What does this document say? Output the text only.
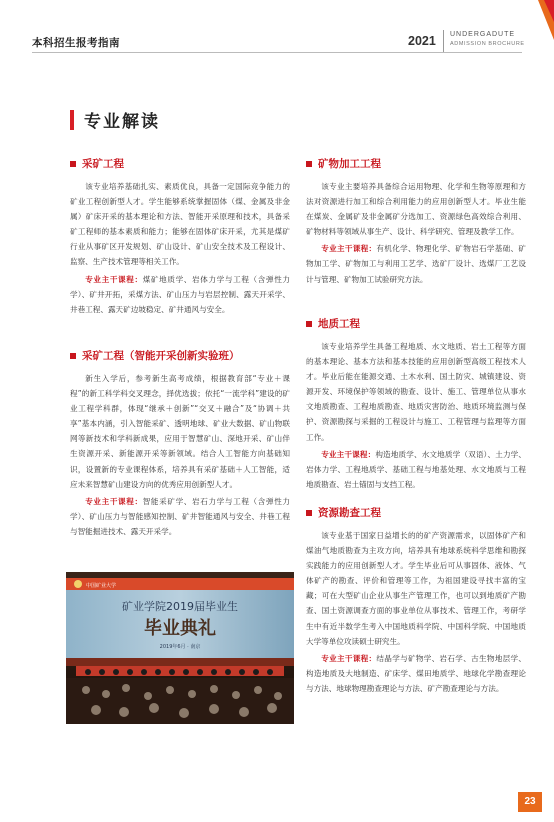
本科招生报考指南	2021 UNDERGADUTE
ADMISSION BROCHURE
专业解读
采矿工程

该专业培养基础扎实、素质优良，具备一定国际竞争能力的矿业工程创新型人才。学生能够系统掌握固体（煤、金属及非金属）矿床开采的基本理论和方法、智能开采原理和技术，具备采矿工程师的基本素质和能力；能够在固体矿床开采，尤其是煤矿行业从事矿区开发规划、矿山设计、矿山安全技术及工程设计、监察、生产技术管理等相关工作。

专业主干课程：煤矿地质学、岩体力学与工程（含弹性力学）、矿井开拓，采煤方法、矿山压力与岩层控制、露天开采学、井巷工程、露天矿边坡稳定、矿井通风与安全。

采矿工程（智能开采创新实验班）

新生入学后，参考新生高考成绩，根据教育部“专业＋课程”的新工科学科交叉理念，择优选拔；依托“一流学科”建设的矿业工程学科群，体现“继承＋创新”“交叉＋融合”及“协调＋共享”基本内涵，引入智能采矿、透明地球、矿业大数据、矿山物联网等新技术和学科新成果，应用于智慧矿山、深地开采、矿山伴生资源开采、新能源开采等新领域。结合人工智能方向基础知识，设置新的专业课程体系，培养具有采矿基础＋人工智能，适应未来智慧矿山建设方向的优秀应用创新型人才。

专业主干课程：智能采矿学、岩石力学与工程（含弹性力学）、矿山压力与智能感知控制、矿井智能通风与安全、井巷工程与智能掘进技术、露天开采学。

中国矿业大学
矿业学院2019届毕业生
毕业典礼
2019年6月 · 南京
矿物加工工程

该专业主要培养具备综合运用物理、化学和生物等原理和方法对资源进行加工和综合利用能力的应用创新型人才。毕业生能在煤炭、金属矿及非金属矿分选加工、资源绿色高效综合利用、矿物材料等领域从事生产、设计、科学研究、管理及教学工作。

专业主干课程：有机化学、物理化学、矿物岩石学基础、矿物加工学、矿物加工与利用工艺学、选矿厂设计、选煤厂工艺设计与管理、矿物加工试验研究方法。

地质工程

该专业培养学生具备工程地质、水文地质、岩土工程等方面的基本理论、基本方法和基本技能的应用创新型高级工程技术人才。毕业后能在能源交通、土木水利、国土防灾、城镇建设、资源开发、环境保护等领域的勘查、设计、施工、管理单位从事水文地质勘查、工程地质勘查、地质灾害防治、地质环境监测与保护、资源勘探与采掘的工程设计与施工、工程管理与监理等方面工作。

专业主干课程：构造地质学、水文地质学（双语）、土力学、岩体力学、工程地质学、基础工程与地基处理、水文地质与工程地质勘查、岩土锚固与支挡工程。

资源勘查工程

该专业基于国家日益增长的的矿产资源需求，以固体矿产和煤油气地质勘查为主攻方向，培养具有地球系统科学思维和勘探实践能力的应用创新型人才。学生毕业后可从事固体、液体、气体矿产的勘查、评价和管理等工作，为祖国建设寻找丰富的宝藏；可在大型矿山企业从事生产管理工作，也可以到地质矿产勘查、国土资源调查方面的事业单位从事技术、管理工作，考研学生中有近半数学生考入中国地质科学院、中国科学院、中国地质大学等单位攻读硕士研究生。

专业主干课程：结晶学与矿物学、岩石学、古生物地层学、构造地质及大地制造、矿床学、煤田地质学、地球化学勘查理论与方法、地球物理勘查理论与方法、矿产勘查理论与方法。

23
